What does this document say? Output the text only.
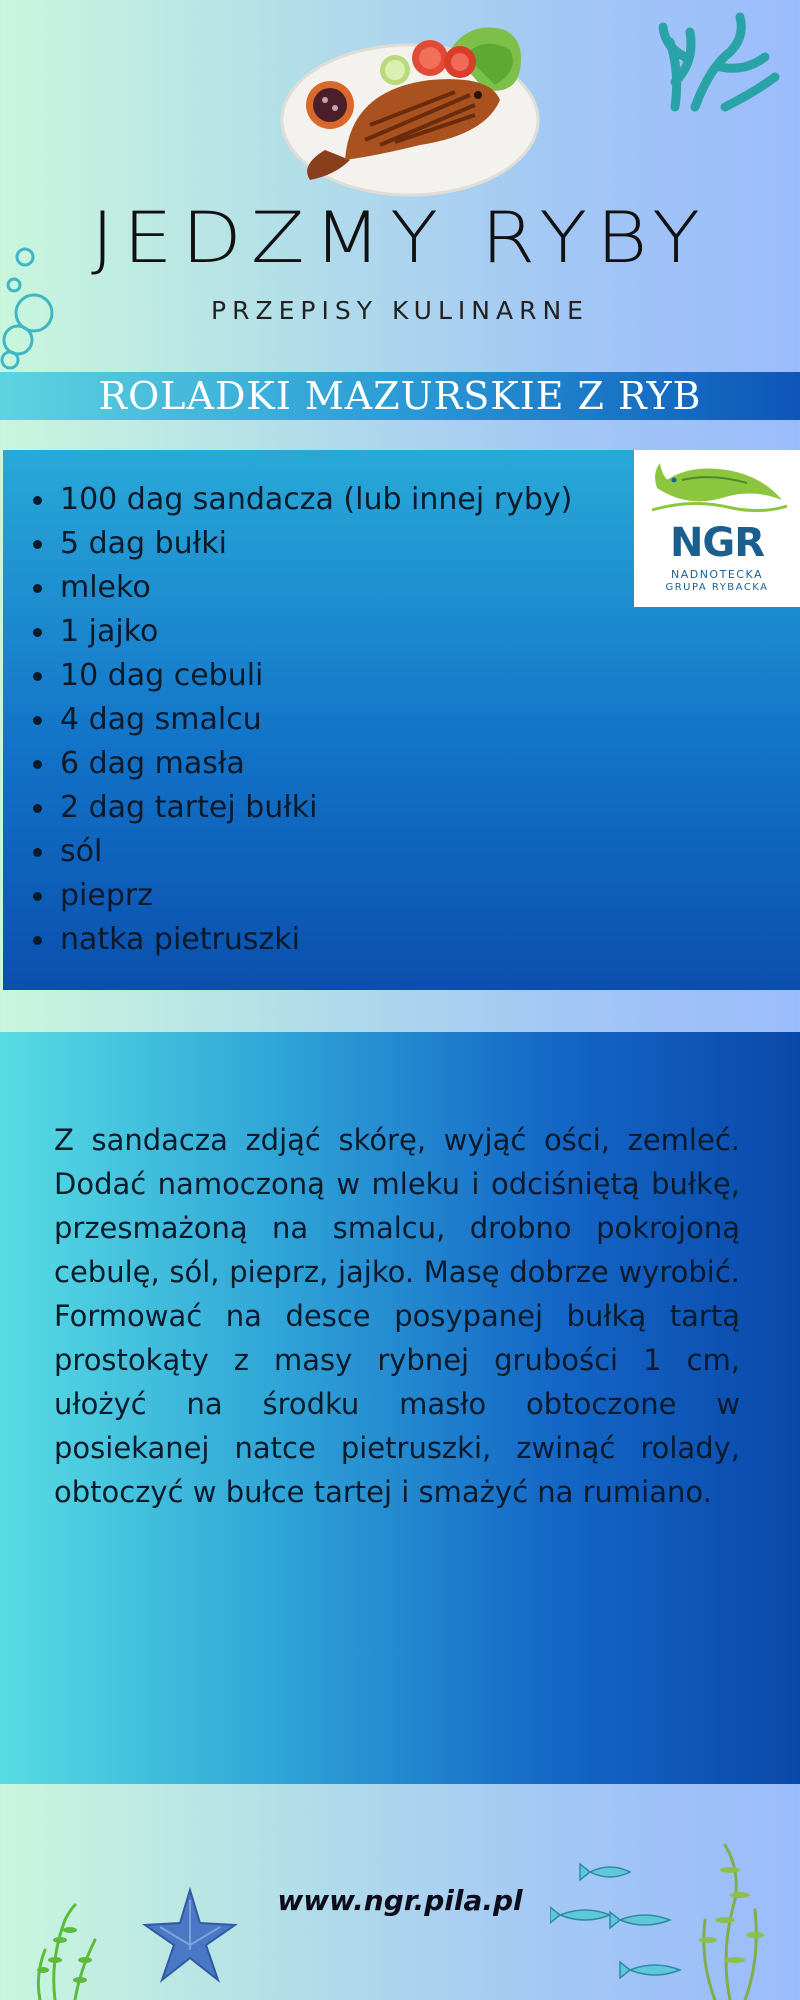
JEDZMY RYBY
PRZEPISY KULINARNE
ROLADKI MAZURSKIE Z RYB
100 dag sandacza (lub innej ryby)
5 dag bułki
mleko
1 jajko
10 dag cebuli
4 dag smalcu
6 dag masła
2 dag tartej bułki
sól
pieprz
natka pietruszki
NGR
NADNOTECKA
GRUPA RYBACKA

Z sandacza zdjąć skórę, wyjąć ości, zemleć. Dodać namoczoną w mleku i odciśniętą bułkę, przesmażoną na smalcu, drobno pokrojoną cebulę, sól, pieprz, jajko. Masę dobrze wyrobić. Formować na desce posypanej bułką tartą prostokąty z masy rybnej grubości 1 cm, ułożyć na środku masło obtoczone w posiekanej natce pietruszki, zwinąć rolady, obtoczyć w bułce tartej i smażyć na rumiano.

www.ngr.pila.pl
